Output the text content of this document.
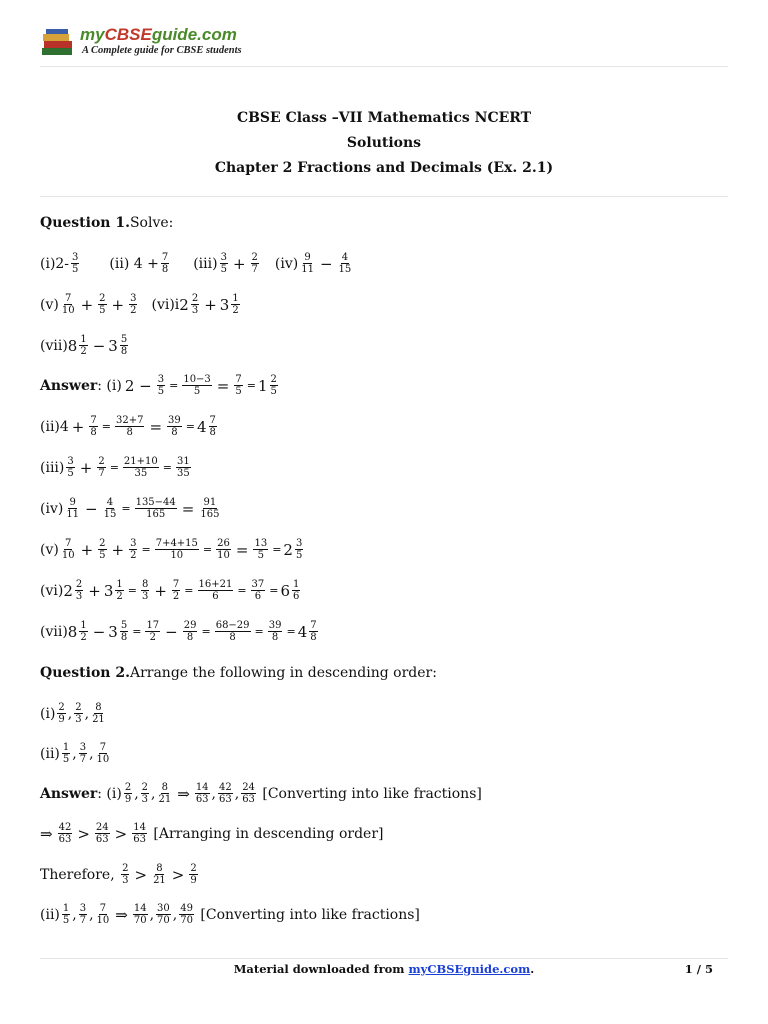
myCBSEguide.com
A Complete guide for CBSE students
CBSE Class –VII Mathematics NCERT
Solutions
Chapter 2 Fractions and Decimals (Ex. 2.1)
Question 1. Solve:
$(i)2- \frac{3}{5} (ii) 4 + \frac{7}{8} (iii) \frac{3}{5} + \frac{2}{7} (iv) \frac{9}{11} - \frac{4}{15}$
$(v) \frac{7}{10} + \frac{2}{5} + \frac{3}{2} (vi)i$ $2 \frac{2}{3} + 3 \frac{1}{2}$
(vii) $8 \frac{1}{2} - 3 \frac{5}{8}$
Answer : (i) $2 - \frac{3}{5} = \frac{10-3}{5} = \frac{7}{5} = 1 \frac{2}{5}$
$(ii)4 + \frac{7}{8} = \frac{32+7}{8} = \frac{39}{8} = 4 \frac{7}{8}$
$(iii) \frac{3}{5} + \frac{2}{7} = \frac{21+10}{35} = \frac{31}{35}$
$(iv) \frac{9}{11} - \frac{4}{15} = \frac{135-44}{165} = \frac{91}{165}$
$(v) \frac{7}{10} + \frac{2}{5} + \frac{3}{2} = \frac{7+4+15}{10} = \frac{26}{10} = \frac{13}{5} = 2 \frac{3}{5}$
(vi) $2 \frac{2}{3} + 3 \frac{1}{2} = \frac{8}{3} + \frac{7}{2} = \frac{16+21}{6} = \frac{37}{6} = 6 \frac{1}{6}$
(vii) $8 \frac{1}{2} - 3 \frac{5}{8} = \frac{17}{2} - \frac{29}{8} = \frac{68-29}{8} = \frac{39}{8} = 4 \frac{7}{8}$
Question 2. Arrange the following in descending order:
$(i) \frac{2}{9}$ , $\frac{2}{3}$ , $\frac{8}{21}$
$(ii) \frac{1}{5}$ , $\frac{3}{7}$ , $\frac{7}{10}$
Answer : $(i) \frac{2}{9}$ , $\frac{2}{3}$ , $\frac{8}{21}$ ⇒ $\frac{14}{63}$ , $\frac{42}{63}$ , $\frac{24}{63}$
[Converting into like fractions]
⇒ $\frac{42}{63} > \frac{24}{63} > \frac{14}{63}$
[Arranging in descending order]
Therefore,
$\frac{2}{3} > \frac{8}{21} > \frac{2}{9}$
$(ii) \frac{1}{5}$ , $\frac{3}{7}$ , $\frac{7}{10}$ ⇒ $\frac{14}{70}$ , $\frac{30}{70}$ , $\frac{49}{70}$
[Converting into like fractions]
Material downloaded from myCBSEguide.com.	1 / 5
